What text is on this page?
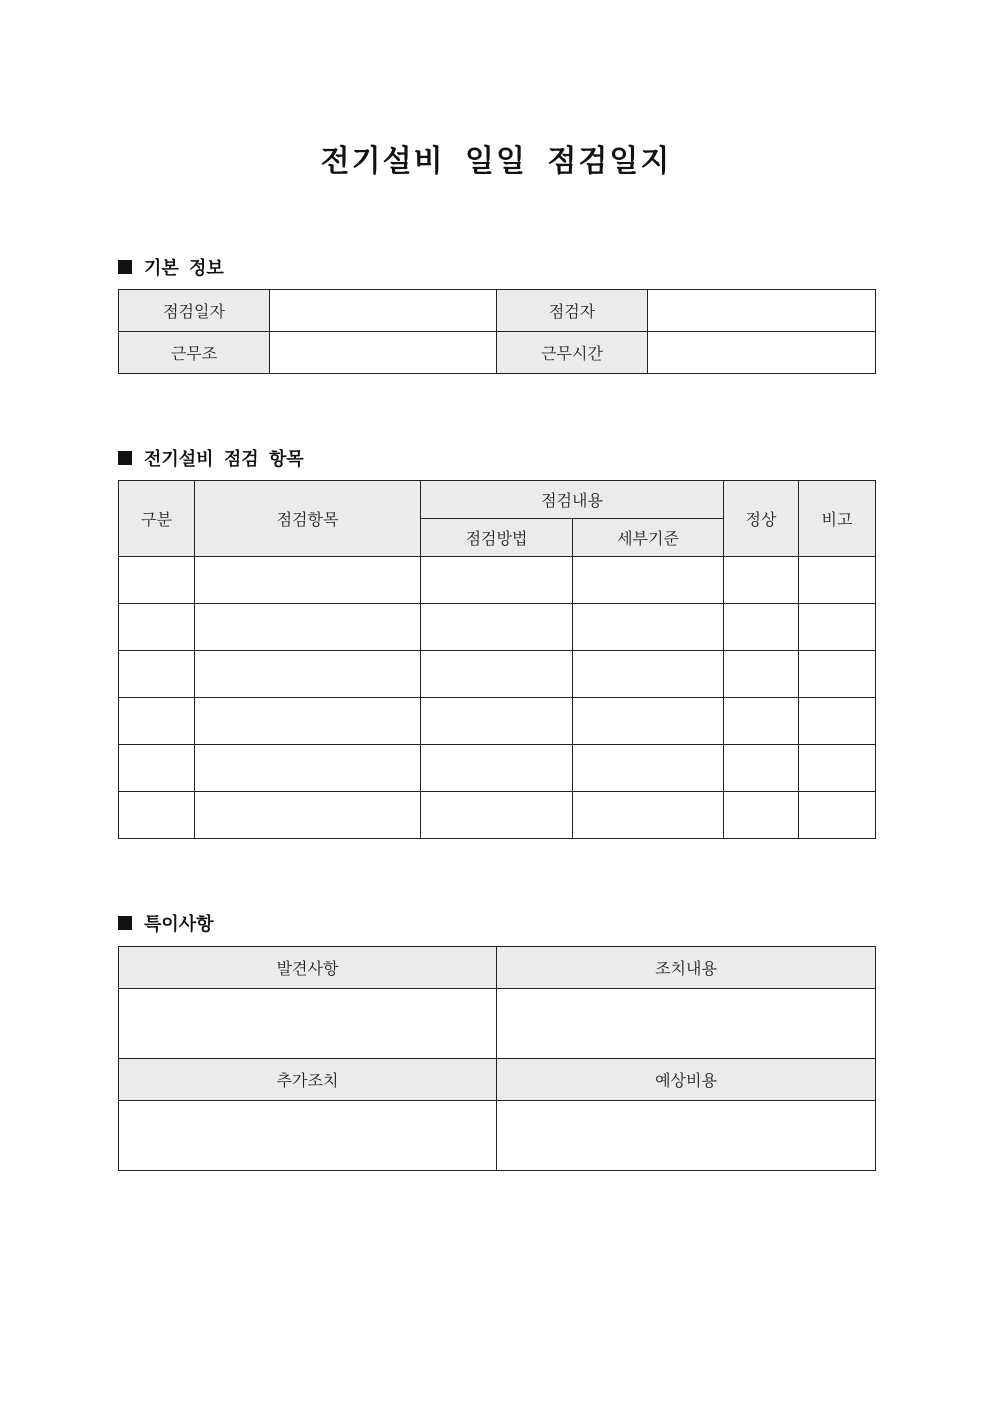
전기설비 일일 점검일지
기본 정보
점검일자		점검자	
근무조		근무시간	
전기설비 점검 항목
구분	점검항목	점검내용		정상	비고
		점검방법	세부기준		

특이사항
발견사항	조치내용

추가조치	예상비용
